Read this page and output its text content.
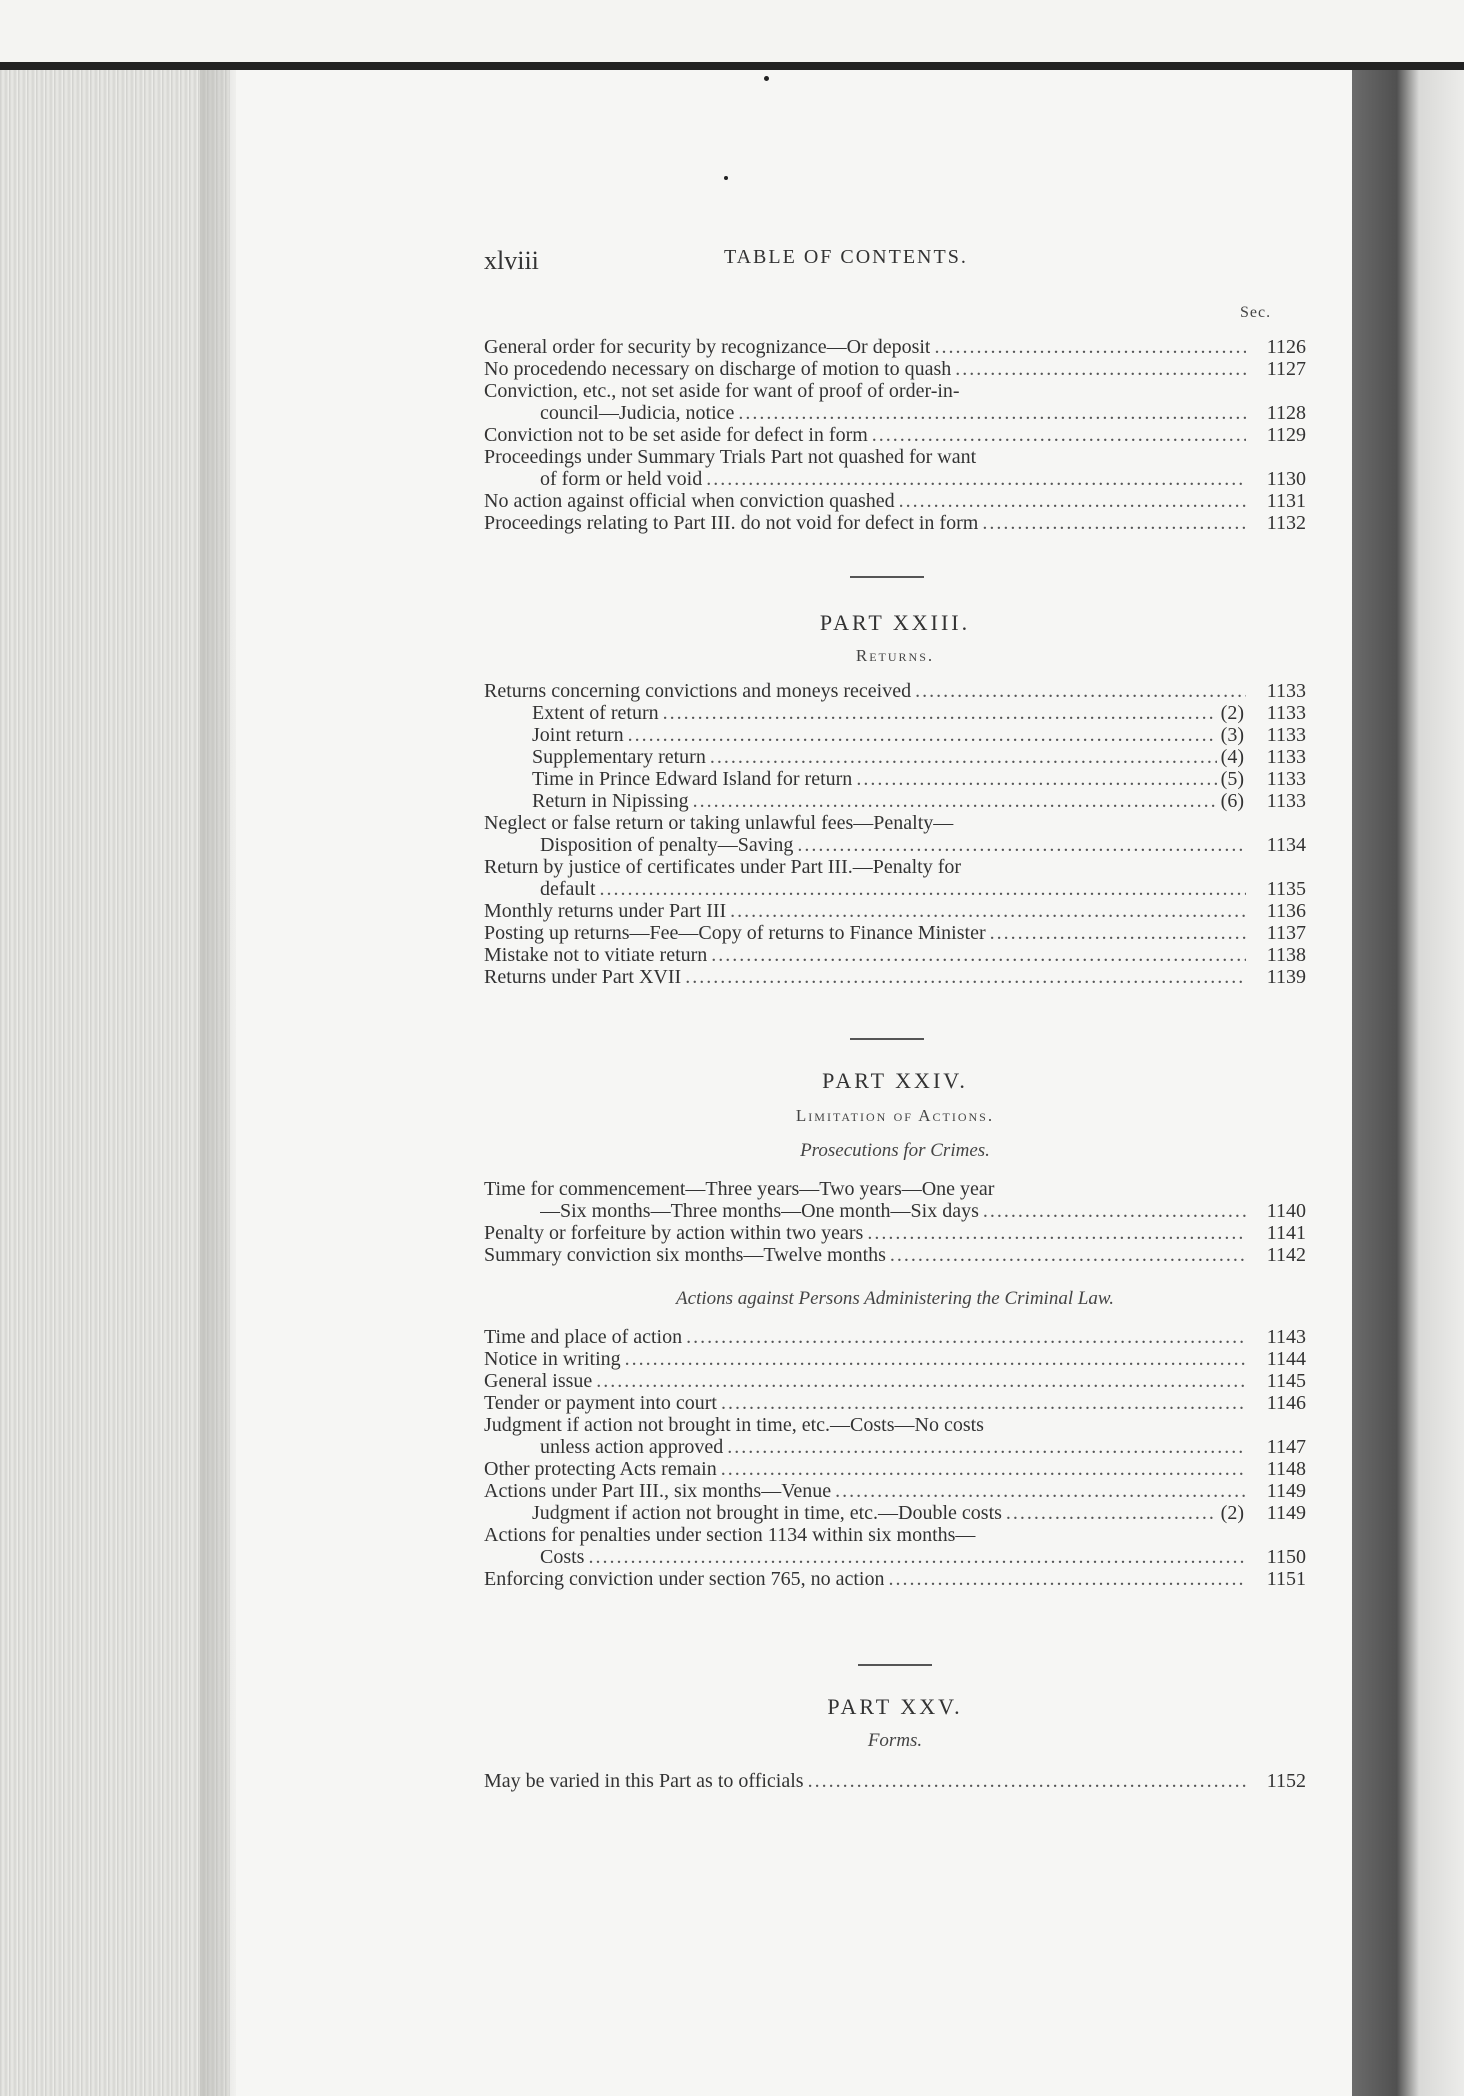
xlviii	TABLE OF CONTENTS.
Sec.
General order for security by recognizance—Or deposit .....	1126
No procedendo necessary on discharge of motion to quash .....	1127
Conviction, etc., not set aside for want of proof of order-in-
council—Judicia, notice .....	1128
Conviction not to be set aside for defect in form .....	1129
Proceedings under Summary Trials Part not quashed for want
of form or held void .....	1130
No action against official when conviction quashed .....	1131
Proceedings relating to Part III. do not void for defect in form .....	1132
PART XXIII.
Returns.
Returns concerning convictions and moneys received .....	1133
Extent of return .....	(2)	1133
Joint return .....	(3)	1133
Supplementary return .....	(4)	1133
Time in Prince Edward Island for return .....	(5)	1133
Return in Nipissing .....	(6)	1133
Neglect or false return or taking unlawful fees—Penalty—
Disposition of penalty—Saving .....	1134
Return by justice of certificates under Part III.—Penalty for
default .....	1135
Monthly returns under Part III .....	1136
Posting up returns—Fee—Copy of returns to Finance Minister .....	1137
Mistake not to vitiate return .....	1138
Returns under Part XVII .....	1139
PART XXIV.
Limitation of Actions.
Prosecutions for Crimes.
Time for commencement—Three years—Two years—One year
—Six months—Three months—One month—Six days .....	1140
Penalty or forfeiture by action within two years .....	1141
Summary conviction six months—Twelve months .....	1142
Actions against Persons Administering the Criminal Law.
Time and place of action .....	1143
Notice in writing .....	1144
General issue .....	1145
Tender or payment into court .....	1146
Judgment if action not brought in time, etc.—Costs—No costs
unless action approved .....	1147
Other protecting Acts remain .....	1148
Actions under Part III., six months—Venue .....	1149
Judgment if action not brought in time, etc.—Double costs .....	(2)	1149
Actions for penalties under section 1134 within six months—
Costs .....	1150
Enforcing conviction under section 765, no action .....	1151
PART XXV.
Forms.
May be varied in this Part as to officials .....	1152
